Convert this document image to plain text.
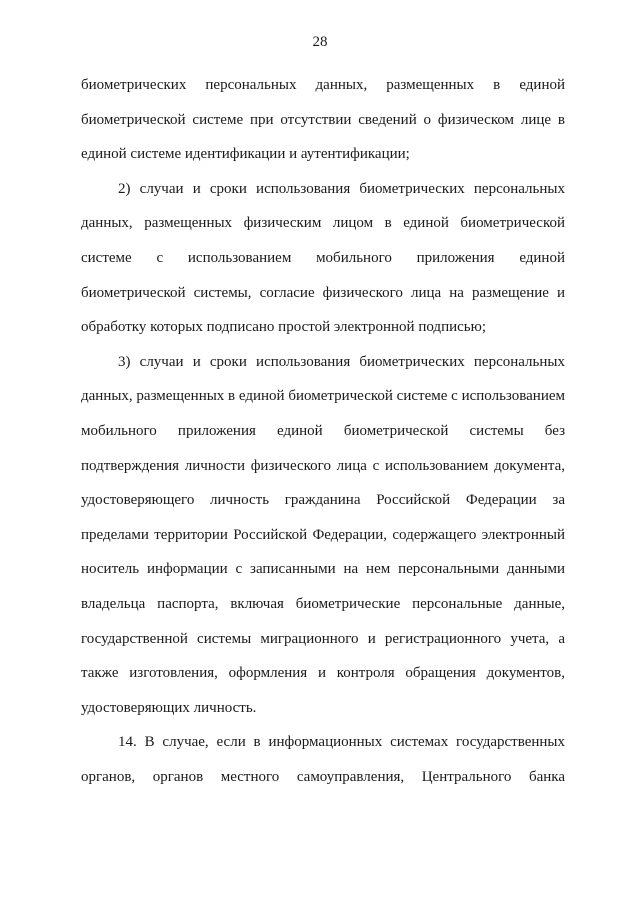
28
биометрических персональных данных, размещенных в единой
биометрической системе при отсутствии сведений о физическом лице в
единой системе идентификации и аутентификации;
2) случаи и сроки использования биометрических персональных
данных, размещенных физическим лицом в единой биометрической
системе с использованием мобильного приложения единой
биометрической системы, согласие физического лица на размещение и
обработку которых подписано простой электронной подписью;
3) случаи и сроки использования биометрических персональных
данных, размещенных в единой биометрической системе с использованием
мобильного приложения единой биометрической системы без
подтверждения личности физического лица с использованием документа,
удостоверяющего личность гражданина Российской Федерации за
пределами территории Российской Федерации, содержащего электронный
носитель информации с записанными на нем персональными данными
владельца паспорта, включая биометрические персональные данные,
государственной системы миграционного и регистрационного учета, а
также изготовления, оформления и контроля обращения документов,
удостоверяющих личность.
14. В случае, если в информационных системах государственных
органов, органов местного самоуправления, Центрального банка
